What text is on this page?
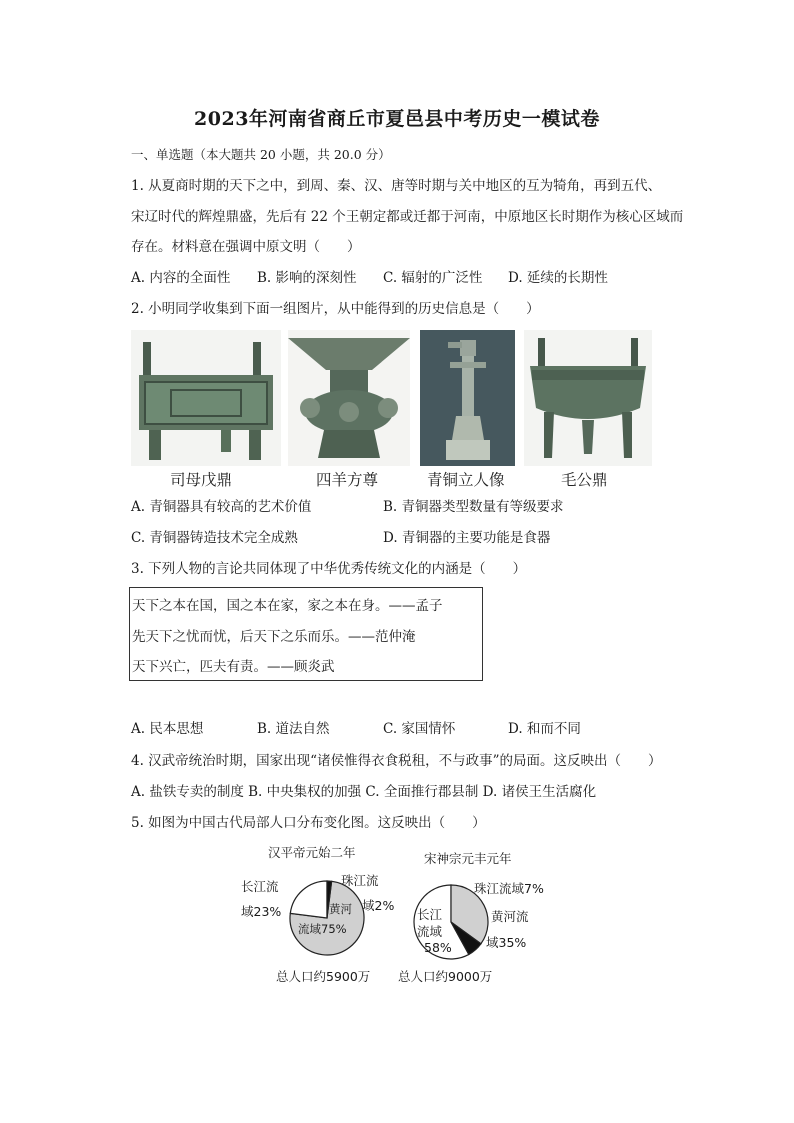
2023年河南省商丘市夏邑县中考历史一模试卷
一、单选题（本大题共 20 小题，共 20.0 分）
1. 从夏商时期的天下之中，到周、秦、汉、唐等时期与关中地区的互为犄角，再到五代、
宋辽时代的辉煌鼎盛，先后有 22 个王朝定都或迁都于河南，中原地区长时期作为核心区域而
存在。材料意在强调中原文明（　　）
A. 内容的全面性 B. 影响的深刻性 C. 辐射的广泛性 D. 延续的长期性
2. 小明同学收集到下面一组图片，从中能得到的历史信息是（　　）
司母戊鼎	四羊方尊	青铜立人像	毛公鼎
A. 青铜器具有较高的艺术价值	B. 青铜器类型数量有等级要求
C. 青铜器铸造技术完全成熟	D. 青铜器的主要功能是食器
3. 下列人物的言论共同体现了中华优秀传统文化的内涵是（　　）
天下之本在国，国之本在家，家之本在身。——孟子
先天下之忧而忧，后天下之乐而乐。——范仲淹
天下兴亡，匹夫有责。——顾炎武
A. 民本思想	B. 道法自然	C. 家国情怀	D. 和而不同
4. 汉武帝统治时期，国家出现“诸侯惟得衣食税租，不与政事”的局面。这反映出（　　）
A. 盐铁专卖的制度 B. 中央集权的加强 C. 全面推行郡县制 D. 诸侯王生活腐化
5. 如图为中国古代局部人口分布变化图。这反映出（　　）
汉平帝元始二年
长江流
域23%
珠江流
黄河 域2%
流域75%
总人口约5900万
宋神宗元丰元年
珠江流域7%
长江
流域
58%
黄河流
域35%
总人口约9000万
